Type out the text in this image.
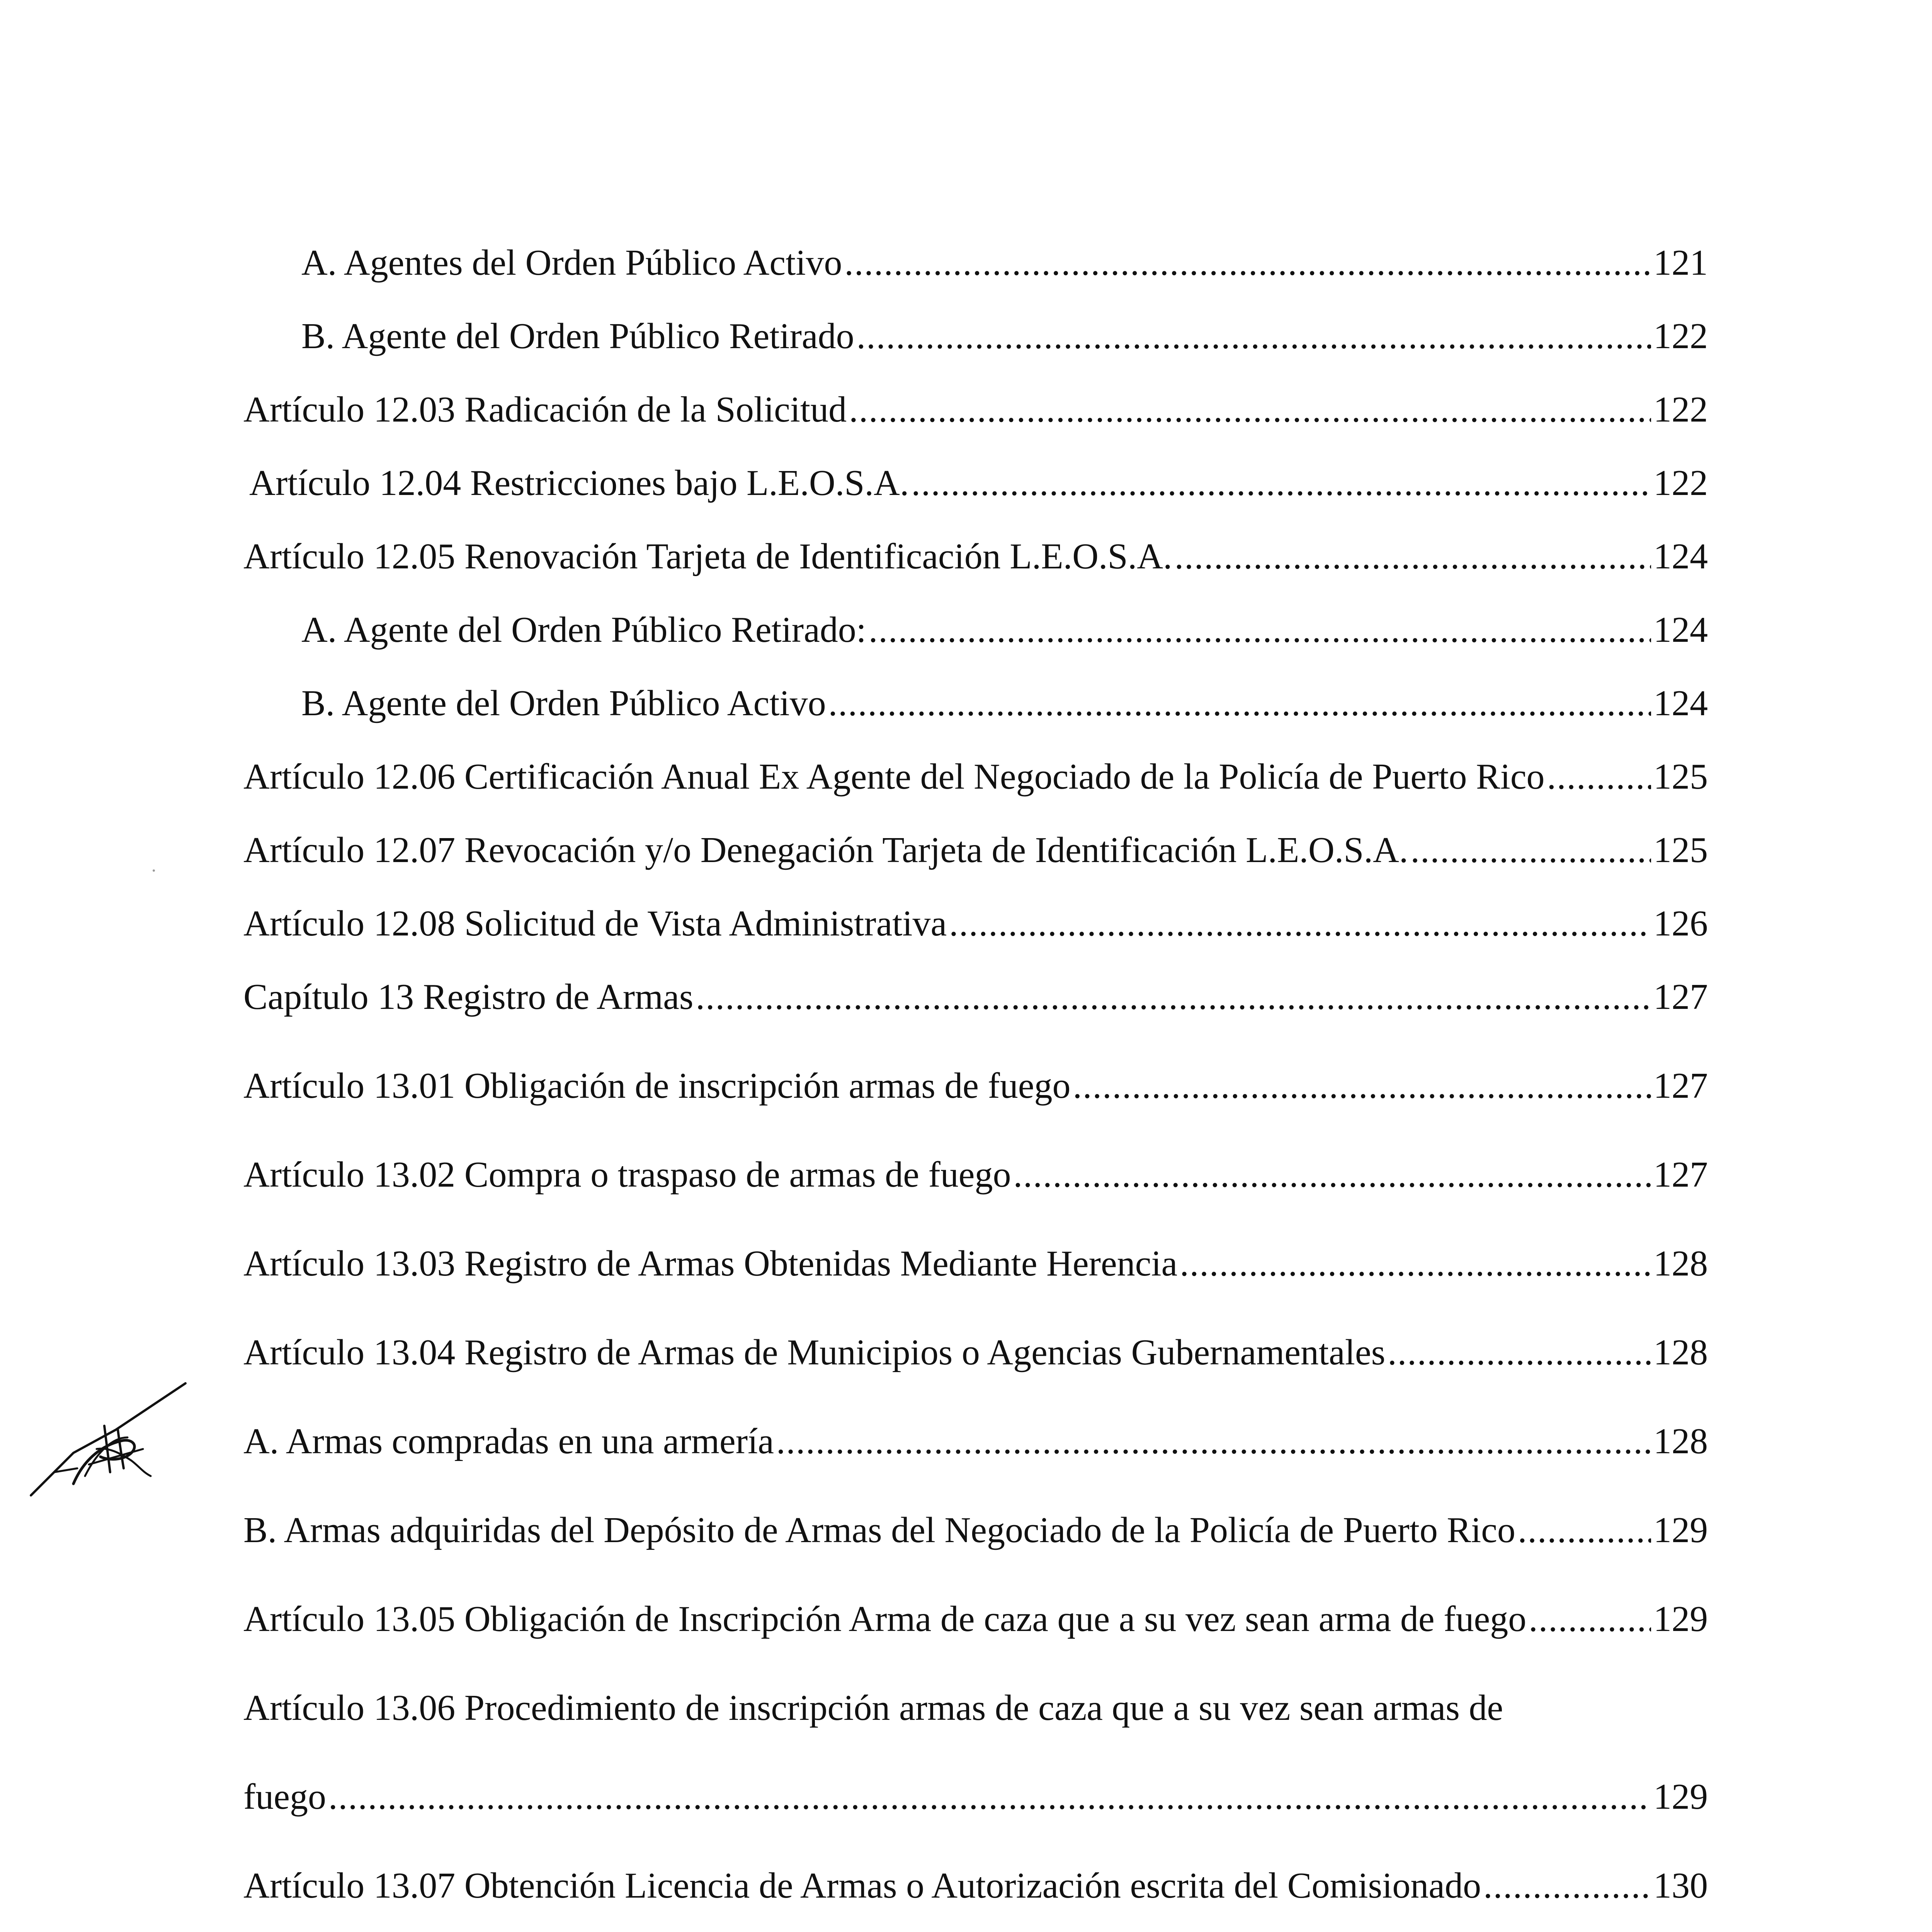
A. Agentes del Orden Público Activo .....	121
B. Agente del Orden Público Retirado .....	122
Artículo 12.03 Radicación de la Solicitud .....	122
Artículo 12.04 Restricciones bajo L.E.O.S.A. .....	122
Artículo 12.05 Renovación Tarjeta de Identificación L.E.O.S.A. .....	124
A. Agente del Orden Público Retirado: .....	124
B. Agente del Orden Público Activo .....	124
Artículo 12.06 Certificación Anual Ex Agente del Negociado de la Policía de Puerto Rico .....	125
Artículo 12.07 Revocación y/o Denegación Tarjeta de Identificación L.E.O.S.A. .....	125
Artículo 12.08 Solicitud de Vista Administrativa .....	126
Capítulo 13 Registro de Armas .....	127
Artículo 13.01 Obligación de inscripción armas de fuego .....	127
Artículo 13.02 Compra o traspaso de armas de fuego .....	127
Artículo 13.03 Registro de Armas Obtenidas Mediante Herencia .....	128
Artículo 13.04 Registro de Armas de Municipios o Agencias Gubernamentales .....	128
A. Armas compradas en una armería .....	128
B. Armas adquiridas del Depósito de Armas del Negociado de la Policía de Puerto Rico .....	129
Artículo 13.05 Obligación de Inscripción Arma de caza que a su vez sean arma de fuego .....	129
Artículo 13.06 Procedimiento de inscripción armas de caza que a su vez sean armas de
fuego .....	129
Artículo 13.07 Obtención Licencia de Armas o Autorización escrita del Comisionado .....	130
